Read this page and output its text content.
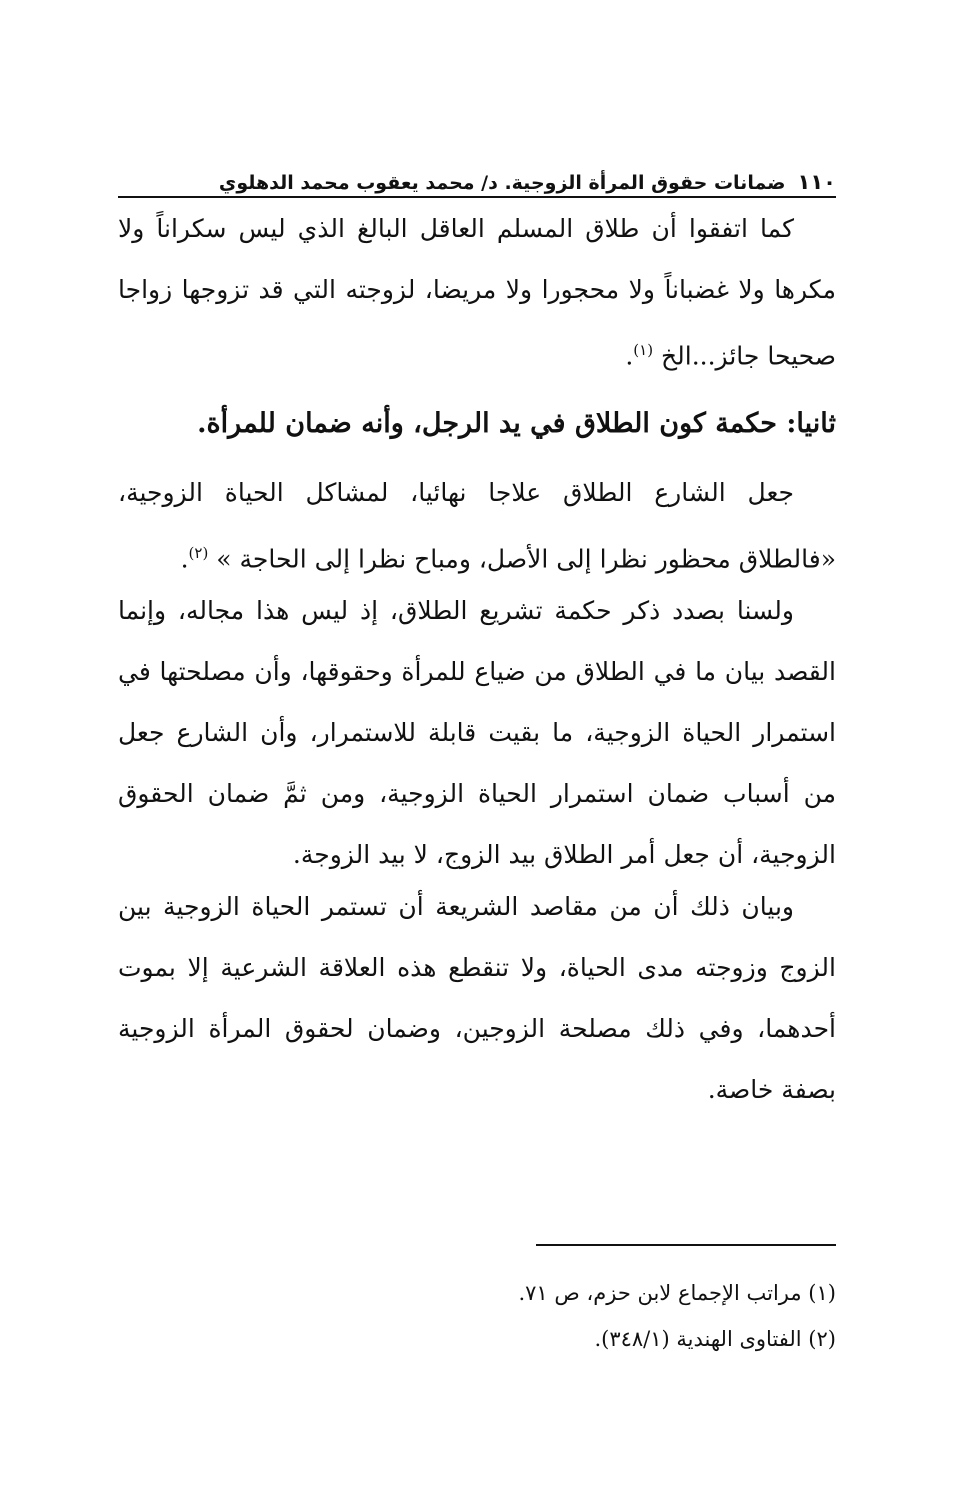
١١٠
ضمانات حقوق المرأة الزوجية. د/ محمد يعقوب محمد الدهلوي

كما اتفقوا أن طلاق المسلم العاقل البالغ الذي ليس سكراناً ولا مكرها ولا غضباناً ولا محجورا ولا مريضا، لزوجته التي قد تزوجها زواجا صحيحا جائز...الخ $^{(١)}$.

ثانيا: حكمة كون الطلاق في يد الرجل، وأنه ضمان للمرأة.

جعل الشارع الطلاق علاجا نهائيا، لمشاكل الحياة الزوجية، «فالطلاق محظور نظرا إلى الأصل، ومباح نظرا إلى الحاجة » $^{(٢)}$.

ولسنا بصدد ذكر حكمة تشريع الطلاق، إذ ليس هذا مجاله، وإنما القصد بيان ما في الطلاق من ضياع للمرأة وحقوقها، وأن مصلحتها في استمرار الحياة الزوجية، ما بقيت قابلة للاستمرار، وأن الشارع جعل من أسباب ضمان استمرار الحياة الزوجية، ومن ثمَّ ضمان الحقوق الزوجية، أن جعل أمر الطلاق بيد الزوج، لا بيد الزوجة.

وبيان ذلك أن من مقاصد الشريعة أن تستمر الحياة الزوجية بين الزوج وزوجته مدى الحياة، ولا تنقطع هذه العلاقة الشرعية إلا بموت أحدهما، وفي ذلك مصلحة الزوجين، وضمان لحقوق المرأة الزوجية بصفة خاصة.

(١) مراتب الإجماع لابن حزم، ص ٧١.
(٢) الفتاوى الهندية (٣٤٨/١).
